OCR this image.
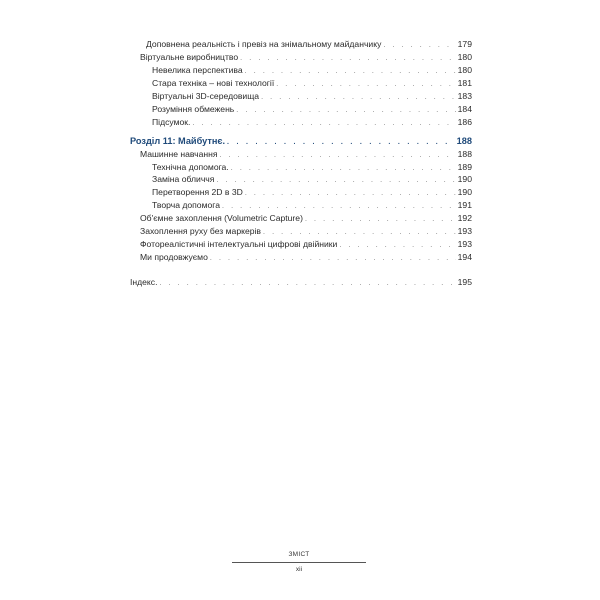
Доповнена реальність і превіз на знімальному майданчику . . .	179
Віртуальне виробництво . . .	180
Невелика перспектива . . .	180
Стара техніка – нові технології . . .	181
Віртуальні 3D-середовища . . .	183
Розуміння обмежень . . .	184
Підсумок. . . .	186
Розділ 11: Майбутнє. . . .	188
Машинне навчання . . .	188
Технічна допомога. . . .	189
Заміна обличчя . . .	190
Перетворення 2D в 3D . . .	190
Творча допомога . . .	191
Об'ємне захоплення (Volumetric Capture) . . .	192
Захоплення руху без маркерів . . .	193
Фотореалістичні інтелектуальні цифрові двійники . . .	193
Ми продовжуємо . . .	194
Індекс. . . .	195
ЗМІСТ
xii
